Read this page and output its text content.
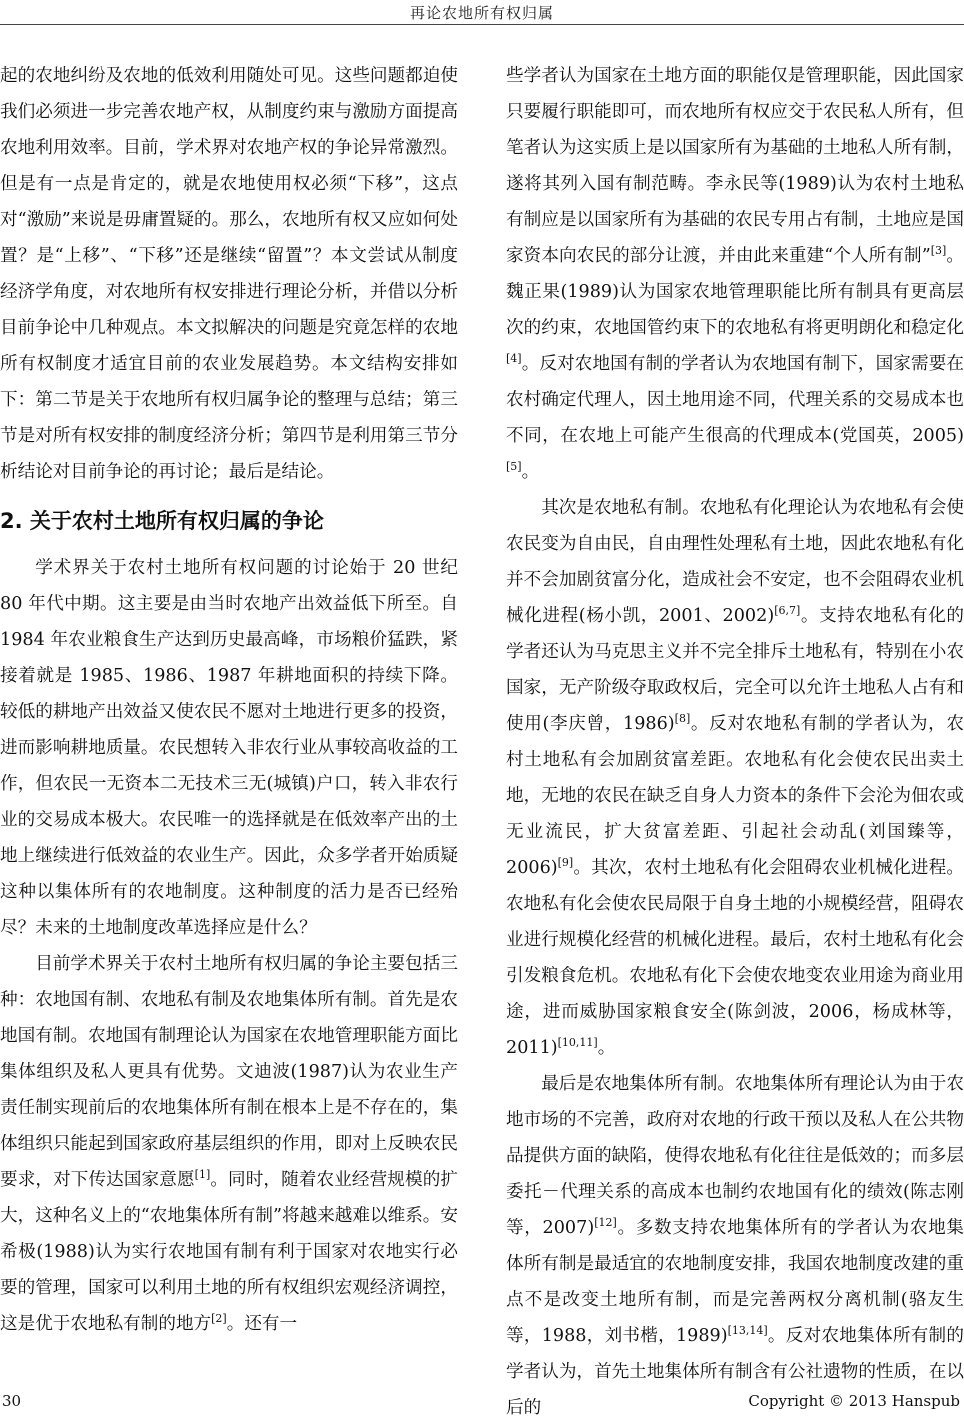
再论农地所有权归属

起的农地纠纷及农地的低效利用随处可见。这些问题都迫使我们必须进一步完善农地产权，从制度约束与激励方面提高农地利用效率。目前，学术界对农地产权的争论异常激烈。但是有一点是肯定的，就是农地使用权必须“下移”，这点对“激励”来说是毋庸置疑的。那么，农地所有权又应如何处置？是“上移”、“下移”还是继续“留置”？本文尝试从制度经济学角度，对农地所有权安排进行理论分析，并借以分析目前争论中几种观点。本文拟解决的问题是究竟怎样的农地所有权制度才适宜目前的农业发展趋势。本文结构安排如下：第二节是关于农地所有权归属争论的整理与总结；第三节是对所有权安排的制度经济分析；第四节是利用第三节分析结论对目前争论的再讨论；最后是结论。

2. 关于农村土地所有权归属的争论

学术界关于农村土地所有权问题的讨论始于 20 世纪 80 年代中期。这主要是由当时农地产出效益低下所至。自 1984 年农业粮食生产达到历史最高峰，市场粮价猛跌，紧接着就是 1985、1986、1987 年耕地面积的持续下降。较低的耕地产出效益又使农民不愿对土地进行更多的投资，进而影响耕地质量。农民想转入非农行业从事较高收益的工作，但农民一无资本二无技术三无(城镇)户口，转入非农行业的交易成本极大。农民唯一的选择就是在低效率产出的土地上继续进行低效益的农业生产。因此，众多学者开始质疑这种以集体所有的农地制度。这种制度的活力是否已经殆尽？未来的土地制度改革选择应是什么？

目前学术界关于农村土地所有权归属的争论主要包括三种：农地国有制、农地私有制及农地集体所有制。首先是农地国有制。农地国有制理论认为国家在农地管理职能方面比集体组织及私人更具有优势。文迪波(1987)认为农业生产责任制实现前后的农地集体所有制在根本上是不存在的，集体组织只能起到国家政府基层组织的作用，即对上反映农民要求，对下传达国家意愿[1]。同时，随着农业经营规模的扩大，这种名义上的“农地集体所有制”将越来越难以维系。安希极(1988)认为实行农地国有制有利于国家对农地实行必要的管理，国家可以利用土地的所有权组织宏观经济调控，这是优于农地私有制的地方[2]。还有一

些学者认为国家在土地方面的职能仅是管理职能，因此国家只要履行职能即可，而农地所有权应交于农民私人所有，但笔者认为这实质上是以国家所有为基础的土地私人所有制，遂将其列入国有制范畴。李永民等(1989)认为农村土地私有制应是以国家所有为基础的农民专用占有制，土地应是国家资本向农民的部分让渡，并由此来重建“个人所有制”[3]。魏正果(1989)认为国家农地管理职能比所有制具有更高层次的约束，农地国管约束下的农地私有将更明朗化和稳定化[4]。反对农地国有制的学者认为农地国有制下，国家需要在农村确定代理人，因土地用途不同，代理关系的交易成本也不同，在农地上可能产生很高的代理成本(党国英，2005)[5]。

其次是农地私有制。农地私有化理论认为农地私有会使农民变为自由民，自由理性处理私有土地，因此农地私有化并不会加剧贫富分化，造成社会不安定，也不会阻碍农业机械化进程(杨小凯，2001、2002)[6,7]。支持农地私有化的学者还认为马克思主义并不完全排斥土地私有，特别在小农国家，无产阶级夺取政权后，完全可以允许土地私人占有和使用(李庆曾，1986)[8]。反对农地私有制的学者认为，农村土地私有会加剧贫富差距。农地私有化会使农民出卖土地，无地的农民在缺乏自身人力资本的条件下会沦为佃农或无业流民，扩大贫富差距、引起社会动乱(刘国臻等，2006)[9]。其次，农村土地私有化会阻碍农业机械化进程。农地私有化会使农民局限于自身土地的小规模经营，阻碍农业进行规模化经营的机械化进程。最后，农村土地私有化会引发粮食危机。农地私有化下会使农地变农业用途为商业用途，进而威胁国家粮食安全(陈剑波，2006，杨成林等，2011)[10,11]。

最后是农地集体所有制。农地集体所有理论认为由于农地市场的不完善，政府对农地的行政干预以及私人在公共物品提供方面的缺陷，使得农地私有化往往是低效的；而多层委托－代理关系的高成本也制约农地国有化的绩效(陈志刚等，2007)[12]。多数支持农地集体所有的学者认为农地集体所有制是最适宜的农地制度安排，我国农地制度改建的重点不是改变土地所有制，而是完善两权分离机制(骆友生等，1988，刘书楷，1989)[13,14]。反对农地集体所有制的学者认为，首先土地集体所有制含有公社遗物的性质，在以后的

30	Copyright © 2013 Hanspub
